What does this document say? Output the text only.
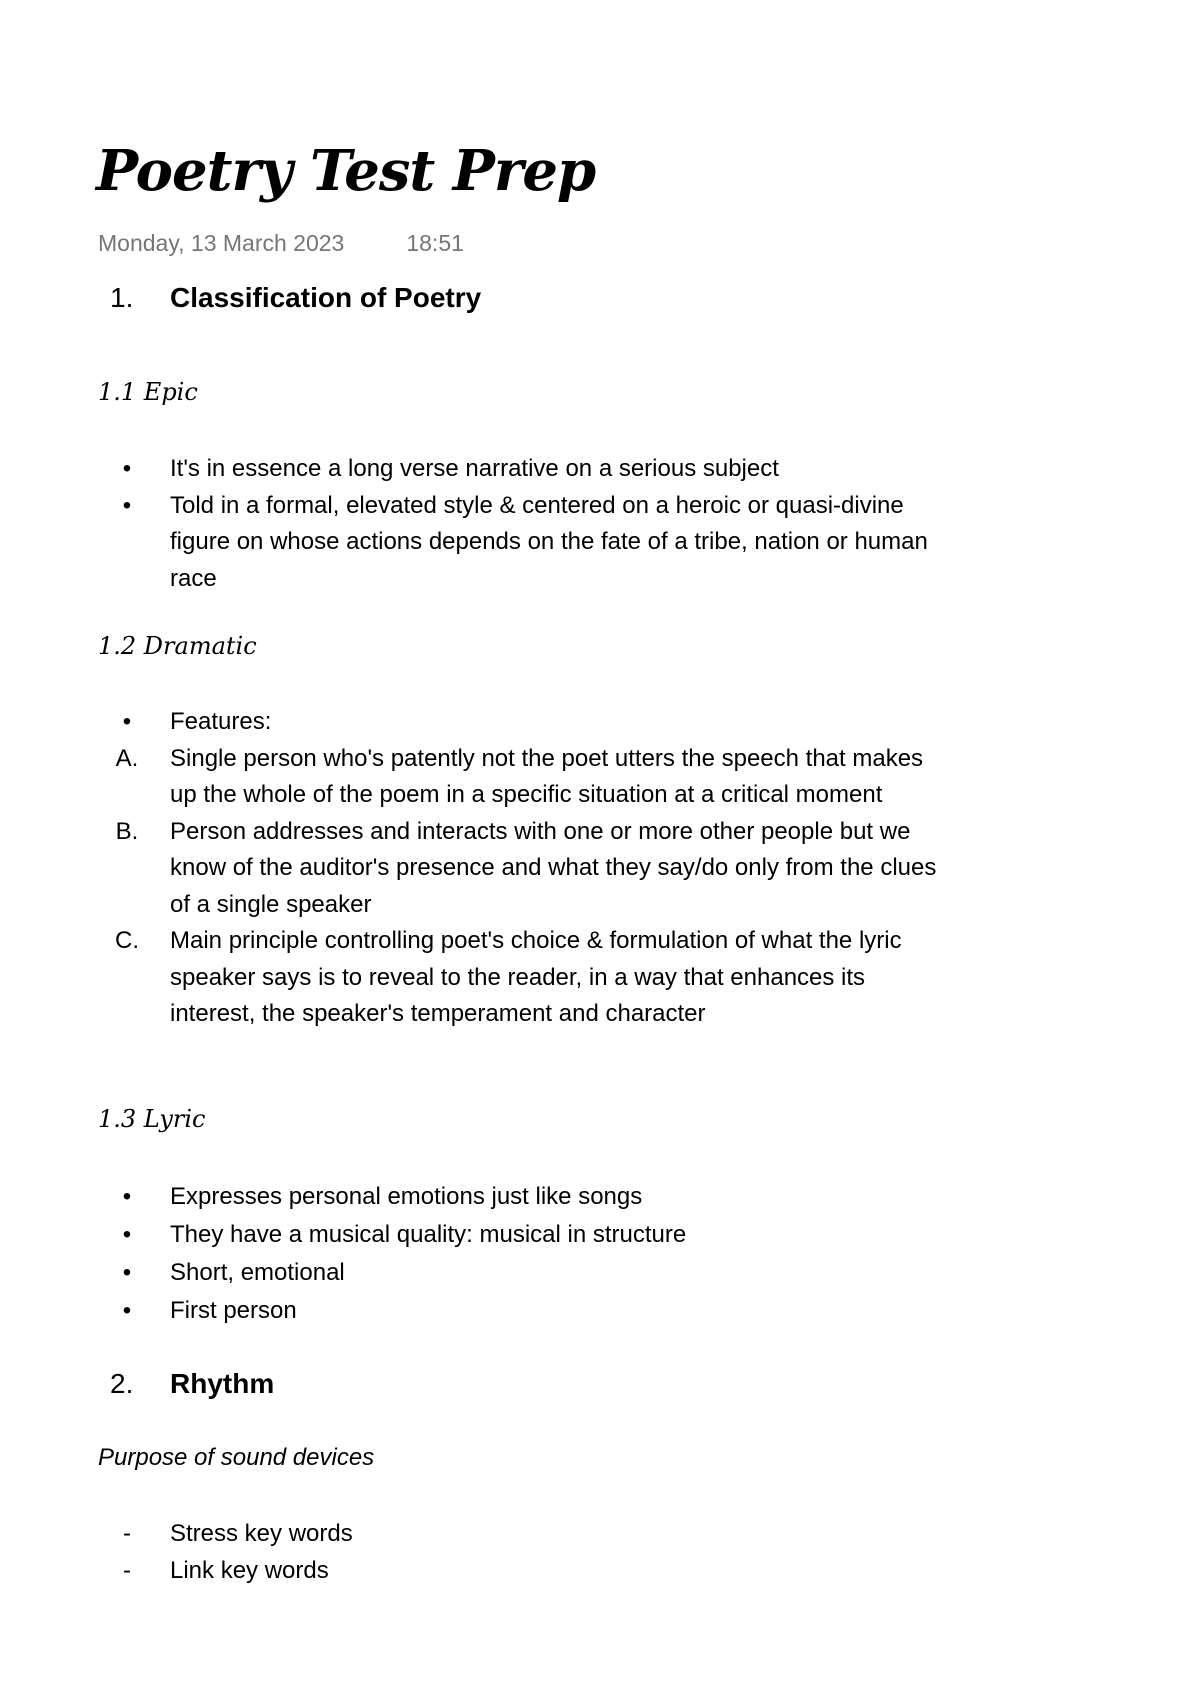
Poetry Test Prep
Monday, 13 March 2023	18:51
1. Classification of Poetry
1.1 Epic
•	It's in essence a long verse narrative on a serious subject
•	Told in a formal, elevated style & centered on a heroic or quasi-divine figure on whose actions depends on the fate of a tribe, nation or human race
1.2 Dramatic
•	Features:
A. Single person who's patently not the poet utters the speech that makes up the whole of the poem in a specific situation at a critical moment
B. Person addresses and interacts with one or more other people but we know of the auditor's presence and what they say/do only from the clues of a single speaker
C. Main principle controlling poet's choice & formulation of what the lyric speaker says is to reveal to the reader, in a way that enhances its interest, the speaker's temperament and character
1.3 Lyric
•	Expresses personal emotions just like songs
•	They have a musical quality: musical in structure
•	Short, emotional
•	First person
2. Rhythm
Purpose of sound devices
-	Stress key words
-	Link key words
